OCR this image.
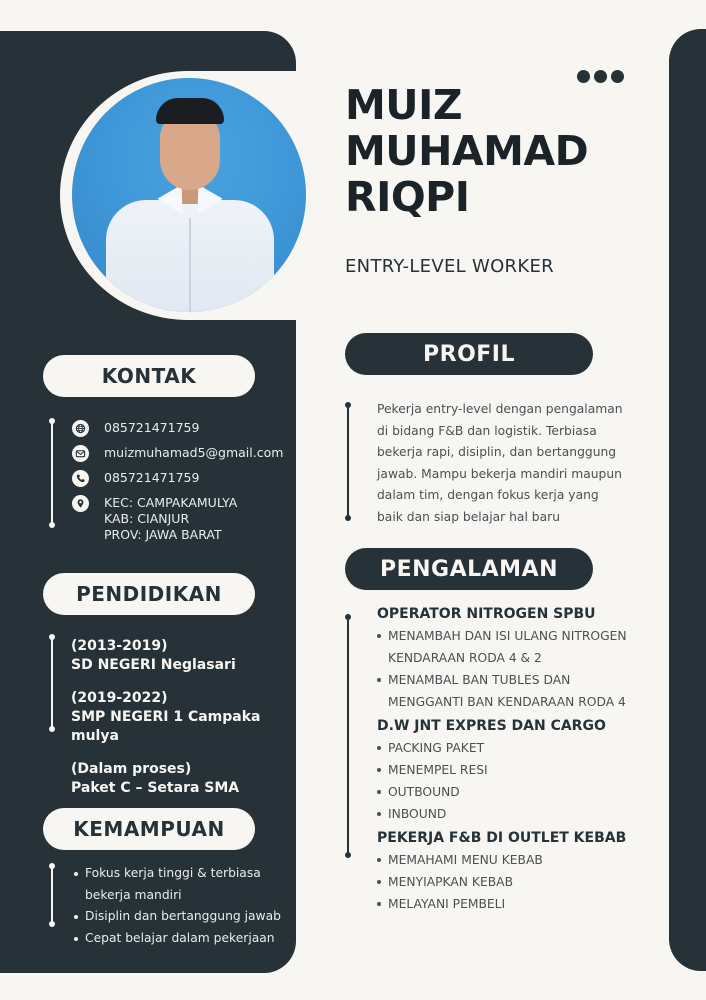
MUIZ
MUHAMAD
RIQPI
ENTRY-LEVEL WORKER
KONTAK
085721471759
muizmuhamad5@gmail.com
085721471759
KEC: CAMPAKAMULYA
KAB: CIANJUR
PROV: JAWA BARAT
PENDIDIKAN
(2013-2019)
SD NEGERI Neglasari
(2019-2022)
SMP NEGERI 1 Campaka
mulya
(Dalam proses)
Paket C – Setara SMA
KEMAMPUAN
Fokus kerja tinggi & terbiasa bekerja mandiri
Disiplin dan bertanggung jawab
Cepat belajar dalam pekerjaan
PROFIL
Pekerja entry-level dengan pengalaman di bidang F&B dan logistik. Terbiasa bekerja rapi, disiplin, dan bertanggung jawab. Mampu bekerja mandiri maupun dalam tim, dengan fokus kerja yang baik dan siap belajar hal baru
PENGALAMAN
OPERATOR NITROGEN SPBU
MENAMBAH DAN ISI ULANG NITROGEN
KENDARAAN RODA 4 & 2
MENAMBAL BAN TUBLES DAN
MENGGANTI BAN KENDARAAN RODA 4
D.W JNT EXPRES DAN CARGO
PACKING PAKET
MENEMPEL RESI
OUTBOUND
INBOUND
PEKERJA F&B DI OUTLET KEBAB
MEMAHAMI MENU KEBAB
MENYIAPKAN KEBAB
MELAYANI PEMBELI
